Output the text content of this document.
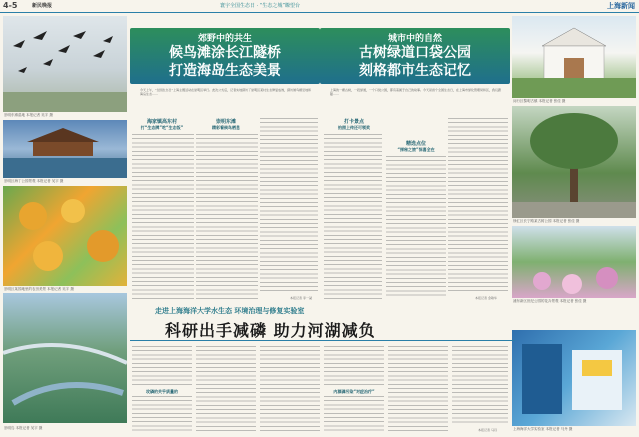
4-5	新民晚报	寰宇全国生态日 · “生态之城”瞭望台	上海新闻
崇明东滩湿地 本报记者 吴宇 摄
崇明区海丁公园景观 本报记者 吴宇 摄
崇明区某园地里的农田美景 本报记者 吴宇 摄
崇明岛 本报记者 吴宇 摄
郊野中的共生
候鸟滩涂长江隧桥
打造海岛生态美景
城市中的自然
古树绿道口袋公园
刻格都市生态记忆
今天上午，“全国生态日”上海主题活动在崇明区举行。此次公式后，记者实地探访了崇明区某村生态修复成效，探访候鸟栖息地和海岛生态……
上海的一棵古树，一段绿道，一个口袋公园，都有着属于自己的故事。今天是首个全国生态日，在上海市绿化管理局和区，我们跟随……
海家镇高东村
打“生态牌”吃“生态饭”
崇明东滩
精彩看候鸟栖息
本报记者 李一凝
打卡景点
拍照上传还可领奖
精选点位
“探秘之旅”惊喜全在
本报记者 金敏华
闵行区黎明古镇 本报记者 张佳 摄
徐汇区长宁路某古树公园 本报记者 张佳 摄
浦东新区世纪公园的花卉景观 本报记者 张佳 摄
上海海洋大学实验室 本报记者 马丹 摄
走进上海海洋大学水生态 环境治理与修复实验室
科研出手减磷 助力河湖减负
攻磷的关乎质量的	内源磷污染“对症治疗”
本报记者 马丹
